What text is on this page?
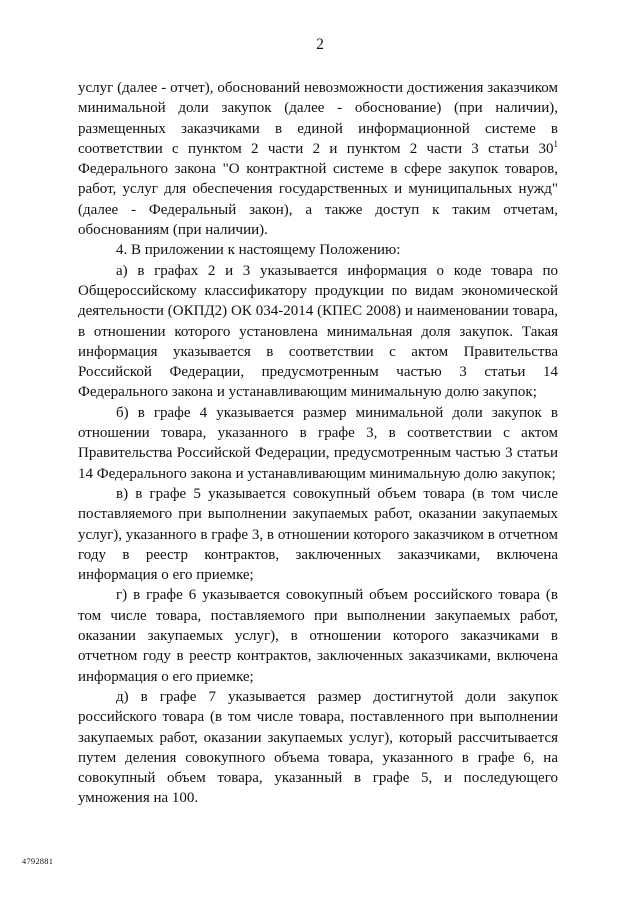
2

услуг (далее - отчет), обоснований невозможности достижения заказчиком минимальной доли закупок (далее - обоснование) (при наличии), размещенных заказчиками в единой информационной системе в соответствии с пунктом 2 части 2 и пунктом 2 части 3 статьи $30^1$ Федерального закона "О контрактной системе в сфере закупок товаров, работ, услуг для обеспечения государственных и муниципальных нужд" (далее - Федеральный закон), а также доступ к таким отчетам, обоснованиям (при наличии).

4. В приложении к настоящему Положению:

а) в графах 2 и 3 указывается информация о коде товара по Общероссийскому классификатору продукции по видам экономической деятельности (ОКПД2) ОК 034-2014 (КПЕС 2008) и наименовании товара, в отношении которого установлена минимальная доля закупок. Такая информация указывается в соответствии с актом Правительства Российской Федерации, предусмотренным частью 3 статьи 14 Федерального закона и устанавливающим минимальную долю закупок;

б) в графе 4 указывается размер минимальной доли закупок в отношении товара, указанного в графе 3, в соответствии с актом Правительства Российской Федерации, предусмотренным частью 3 статьи 14 Федерального закона и устанавливающим минимальную долю закупок;

в) в графе 5 указывается совокупный объем товара (в том числе поставляемого при выполнении закупаемых работ, оказании закупаемых услуг), указанного в графе 3, в отношении которого заказчиком в отчетном году в реестр контрактов, заключенных заказчиками, включена информация о его приемке;

г) в графе 6 указывается совокупный объем российского товара (в том числе товара, поставляемого при выполнении закупаемых работ, оказании закупаемых услуг), в отношении которого заказчиками в отчетном году в реестр контрактов, заключенных заказчиками, включена информация о его приемке;

д) в графе 7 указывается размер достигнутой доли закупок российского товара (в том числе товара, поставленного при выполнении закупаемых работ, оказании закупаемых услуг), который рассчитывается путем деления совокупного объема товара, указанного в графе 6, на совокупный объем товара, указанный в графе 5, и последующего умножения на 100.

4792881
